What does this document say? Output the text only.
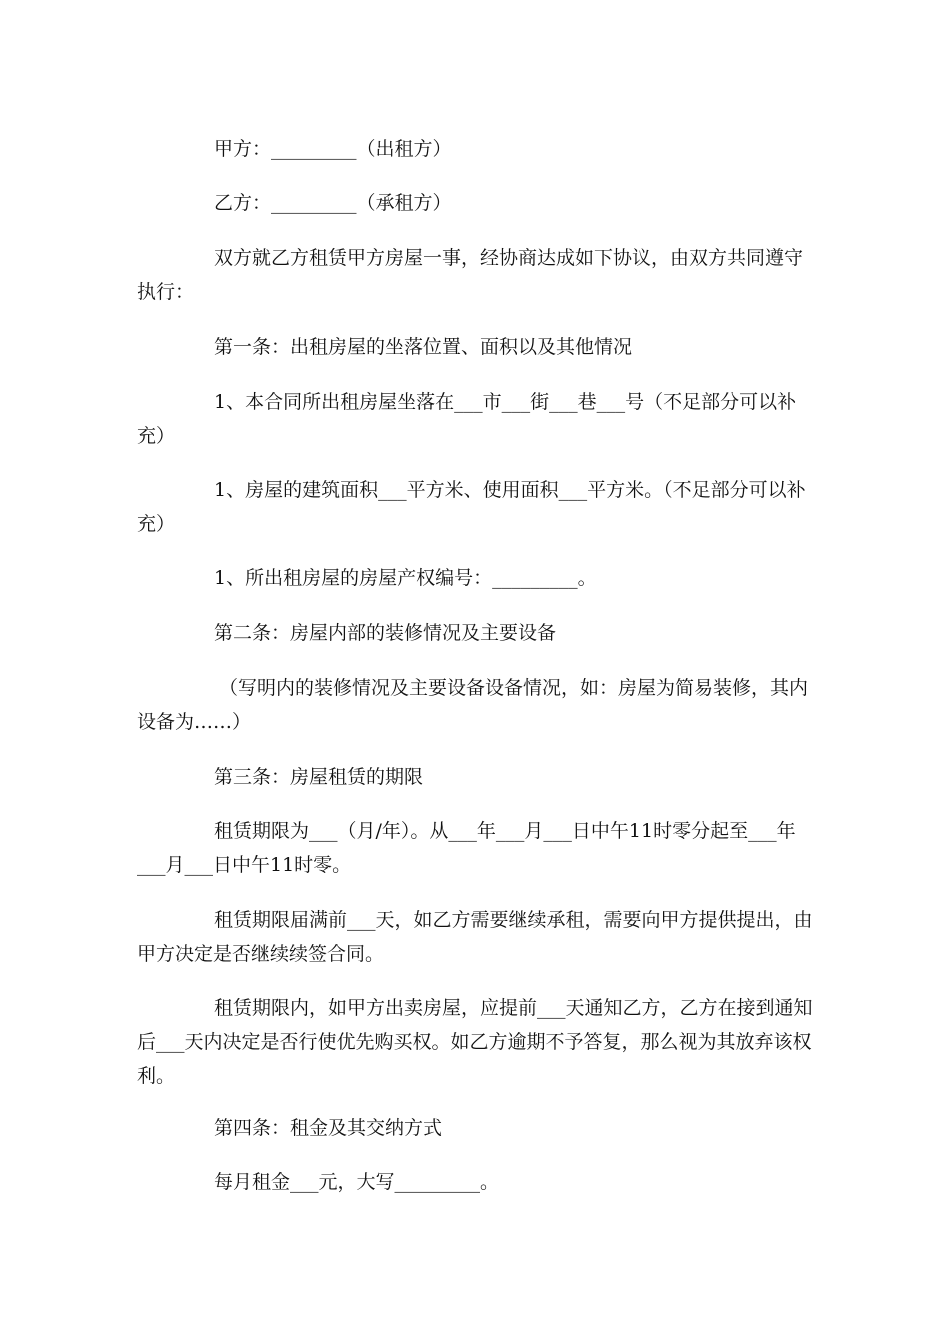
甲方：_________（出租方）

乙方：_________（承租方）

双方就乙方租赁甲方房屋一事，经协商达成如下协议，由双方共同遵守执行：

第一条：出租房屋的坐落位置、面积以及其他情况

1、本合同所出租房屋坐落在___市___街___巷___号（不足部分可以补充）

1、房屋的建筑面积___平方米、使用面积___平方米。（不足部分可以补充）

1、所出租房屋的房屋产权编号：_________。

第二条：房屋内部的装修情况及主要设备

（写明内的装修情况及主要设备设备情况，如：房屋为简易装修，其内设备为……）

第三条：房屋租赁的期限

租赁期限为___（月/年）。从___年___月___日中午11时零分起至___年___月___日中午11时零。

租赁期限届满前___天，如乙方需要继续承租，需要向甲方提供提出，由甲方决定是否继续续签合同。

租赁期限内，如甲方出卖房屋，应提前___天通知乙方，乙方在接到通知后___天内决定是否行使优先购买权。如乙方逾期不予答复，那么视为其放弃该权利。

第四条：租金及其交纳方式

每月租金___元，大写_________。
